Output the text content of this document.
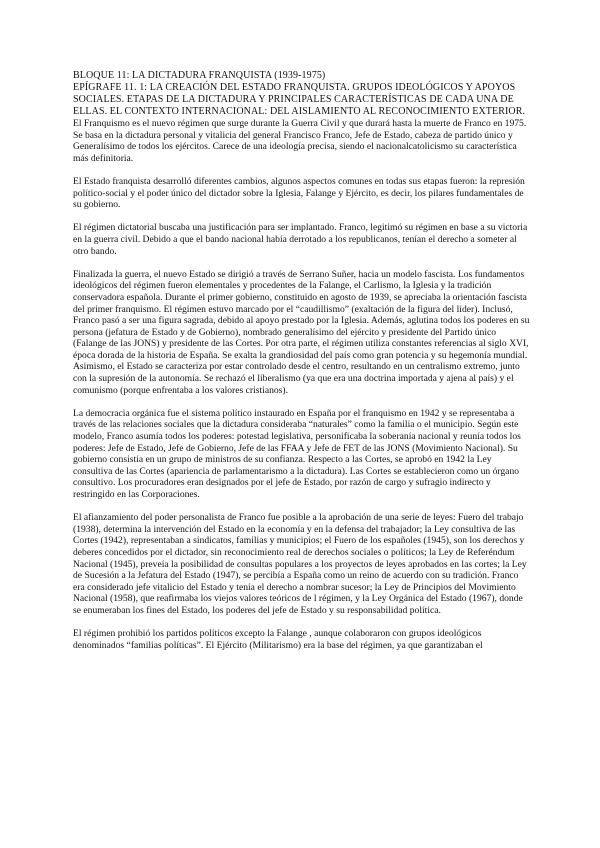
BLOQUE 11: LA DICTADURA FRANQUISTA (1939-1975)

EPÍGRAFE 11. 1: LA CREACIÓN DEL ESTADO FRANQUISTA. GRUPOS IDEOLÓGICOS Y APOYOS SOCIALES. ETAPAS DE LA DICTADURA Y PRINCIPALES CARACTERÍSTICAS DE CADA UNA DE ELLAS. EL CONTEXTO INTERNACIONAL: DEL AISLAMIENTO AL RECONOCIMIENTO EXTERIOR.

El Franquismo es el nuevo régimen que surge durante la Guerra Civil y que durará hasta la muerte de Franco en 1975. Se basa en la dictadura personal y vitalicia del general Francisco Franco, Jefe de Estado, cabeza de partido único y Generalísimo de todos los ejércitos. Carece de una ideología precisa, siendo el nacionalcatolicismo su característica más definitoria.

El Estado franquista desarrolló diferentes cambios, algunos aspectos comunes en todas sus etapas fueron: la represión político-social y el poder único del dictador sobre la Iglesia, Falange y Ejército, es decir, los pilares fundamentales de su gobierno.

El régimen dictatorial buscaba una justificación para ser implantado. Franco, legitimó su régimen en base a su victoria en la guerra civil. Debido a que el bando nacional había derrotado a los republicanos, tenían el derecho a someter al otro bando.

Finalizada la guerra, el nuevo Estado se dirigió a través de Serrano Suñer, hacia un modelo fascista. Los fundamentos ideológicos del régimen fueron elementales y procedentes de la Falange, el Carlismo, la Iglesia y la tradición conservadora española. Durante el primer gobierno, constituido en agosto de 1939, se apreciaba la orientación fascista del primer franquismo. El régimen estuvo marcado por el “caudillismo” (exaltación de la figura del líder). Inclusó, Franco pasó a ser una figura sagrada, debido al apoyo prestado por la Iglesia. Además, aglutina todos los poderes en su persona (jefatura de Estado y de Gobierno), nombrado generalísimo del ejército y presidente del Partido único (Falange de las JONS) y presidente de las Cortes. Por otra parte, el régimen utiliza constantes referencias al siglo XVI, época dorada de la historia de España. Se exalta la grandiosidad del país como gran potencia y su hegemonía mundial. Asimismo, el Estado se caracteriza por estar controlado desde el centro, resultando en un centralismo extremo, junto con la supresión de la autonomía. Se rechazó el liberalismo (ya que era una doctrina importada y ajena al país) y el comunismo (porque enfrentaba a los valores cristianos).

La democracia orgánica fue el sistema político instaurado en España por el franquismo en 1942 y se representaba a través de las relaciones sociales que la dictadura consideraba “naturales” como la familia o el municipio. Según este modelo, Franco asumía todos los poderes: potestad legislativa, personificaba la soberanía nacional y reunía todos los poderes: Jefe de Estado, Jefe de Gobierno, Jefe de las FFAA y Jefe de FET de las JONS (Movimiento Nacional). Su gobierno consistía en un grupo de ministros de su confianza. Respecto a las Cortes, se aprobó en 1942 la Ley consultiva de las Cortes (apariencia de parlamentarismo a la dictadura). Las Cortes se establecieron como un órgano consultivo. Los procuradores eran designados por el jefe de Estado, por razón de cargo y sufragio indirecto y restringido en las Corporaciones.

El afianzamiento del poder personalista de Franco fue posible a la aprobación de una serie de leyes: Fuero del trabajo (1938), determina la intervención del Estado en la economía y en la defensa del trabajador; la Ley consultiva de las Cortes (1942), representaban a sindicatos, familias y municipios; el Fuero de los españoles (1945), son los derechos y deberes concedidos por el dictador, sin reconocimiento real de derechos sociales o políticos; la Ley de Referéndum Nacional (1945), preveía la posibilidad de consultas populares a los proyectos de leyes aprobados en las cortes; la Ley de Sucesión a la Jefatura del Estado (1947), se percibía a España como un reino de acuerdo con su tradición. Franco era considerado jefe vitalicio del Estado y tenía el derecho a nombrar sucesor; la Ley de Principios del Movimiento Nacional (1958), que reafirmaba los viejos valores teóricos de l régimen, y la Ley Orgánica del Estado (1967), donde se enumeraban los fines del Estado, los poderes del jefe de Estado y su responsabilidad política.

El régimen prohibió los partidos políticos excepto la Falange , aunque colaboraron con grupos ideológicos denominados “familias políticas”. El Ejército (Militarismo) era la base del régimen, ya que garantizaban el
